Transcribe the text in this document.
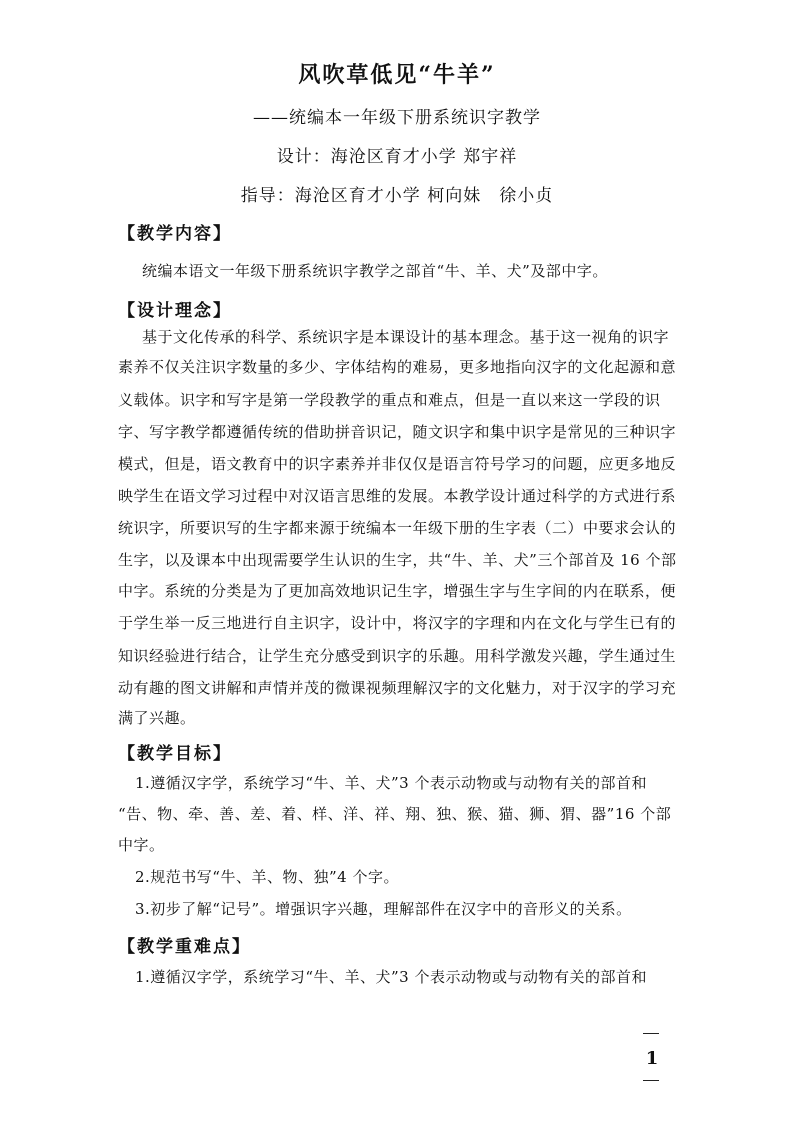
风吹草低见“牛羊”
——统编本一年级下册系统识字教学
设计：海沧区育才小学 郑宇祥
指导：海沧区育才小学 柯向妹　徐小贞
【教学内容】
统编本语文一年级下册系统识字教学之部首“牛、羊、犬”及部中字。
【设计理念】
基于文化传承的科学、系统识字是本课设计的基本理念。基于这一视角的识字
素养不仅关注识字数量的多少、字体结构的难易，更多地指向汉字的文化起源和意
义载体。识字和写字是第一学段教学的重点和难点，但是一直以来这一学段的识
字、写字教学都遵循传统的借助拼音识记，随文识字和集中识字是常见的三种识字
模式，但是，语文教育中的识字素养并非仅仅是语言符号学习的问题，应更多地反
映学生在语文学习过程中对汉语言思维的发展。本教学设计通过科学的方式进行系
统识字，所要识写的生字都来源于统编本一年级下册的生字表（二）中要求会认的
生字，以及课本中出现需要学生认识的生字，共“牛、羊、犬”三个部首及 16 个部
中字。系统的分类是为了更加高效地识记生字，增强生字与生字间的内在联系，便
于学生举一反三地进行自主识字，设计中，将汉字的字理和内在文化与学生已有的
知识经验进行结合，让学生充分感受到识字的乐趣。用科学激发兴趣，学生通过生
动有趣的图文讲解和声情并茂的微课视频理解汉字的文化魅力，对于汉字的学习充
满了兴趣。
【教学目标】
1.遵循汉字学，系统学习“牛、羊、犬”3 个表示动物或与动物有关的部首和
“告、物、牵、善、差、着、样、洋、祥、翔、独、猴、猫、狮、猬、器”16 个部
中字。
2.规范书写“牛、羊、物、独”4 个字。
3.初步了解“记号”。增强识字兴趣，理解部件在汉字中的音形义的关系。
【教学重难点】
1.遵循汉字学，系统学习“牛、羊、犬”3 个表示动物或与动物有关的部首和
1
